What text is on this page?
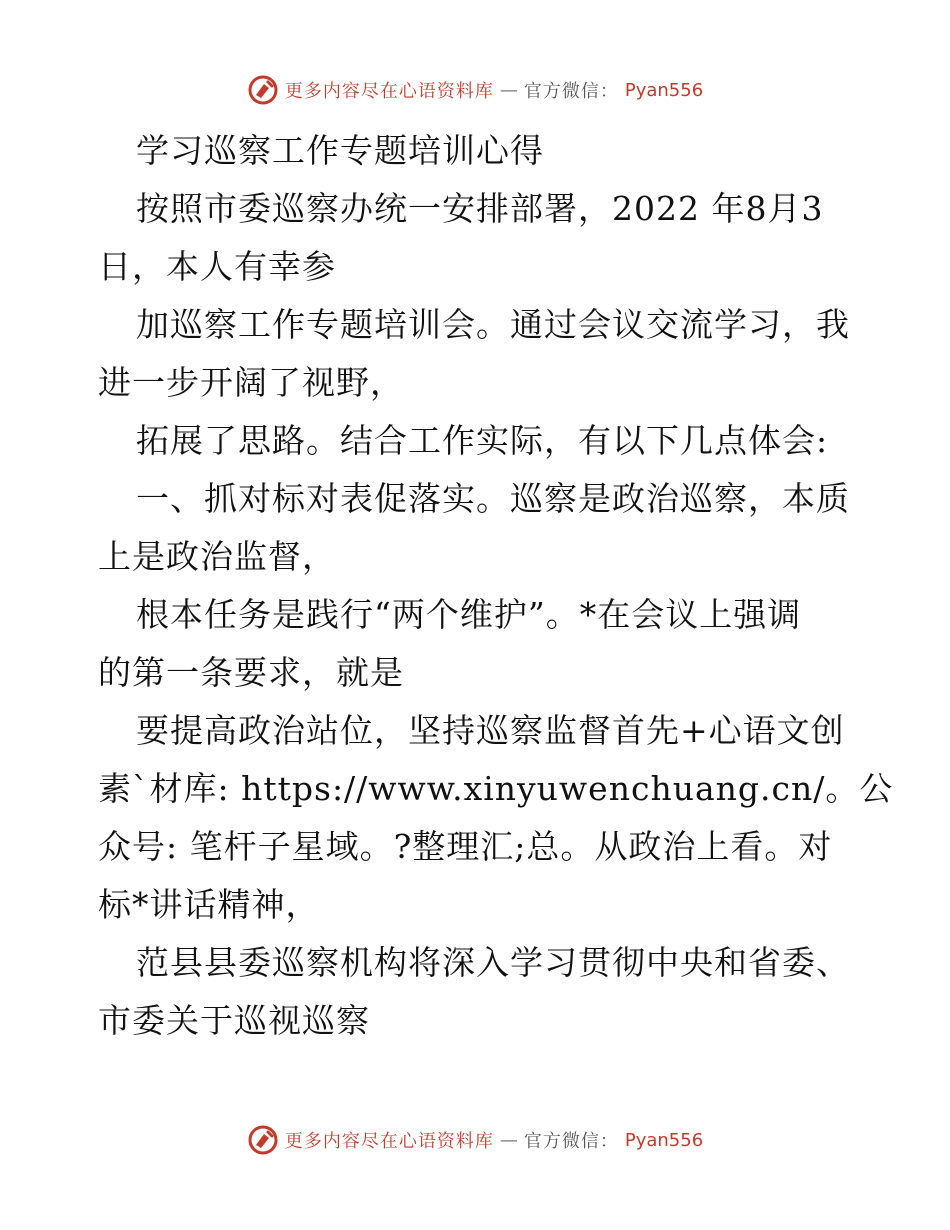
更多内容尽在心语资料库 — 官方微信： Pyan556
学习巡察工作专题培训心得
按照市委巡察办统一安排部署，2022 年8月3
日，本人有幸参
加巡察工作专题培训会。通过会议交流学习，我
进一步开阔了视野，
拓展了思路。结合工作实际，有以下几点体会:
一、抓对标对表促落实。巡察是政治巡察，本质
上是政治监督，
根本任务是践行“两个维护”。*在会议上强调
的第一条要求，就是
要提高政治站位，坚持巡察监督首先+心语文创
素`材库: https://www.xinyuwenchuang.cn/。公
众号: 笔杆子星域。?整理汇;总。从政治上看。对
标*讲话精神，
范县县委巡察机构将深入学习贯彻中央和省委、
市委关于巡视巡察
更多内容尽在心语资料库 — 官方微信： Pyan556
